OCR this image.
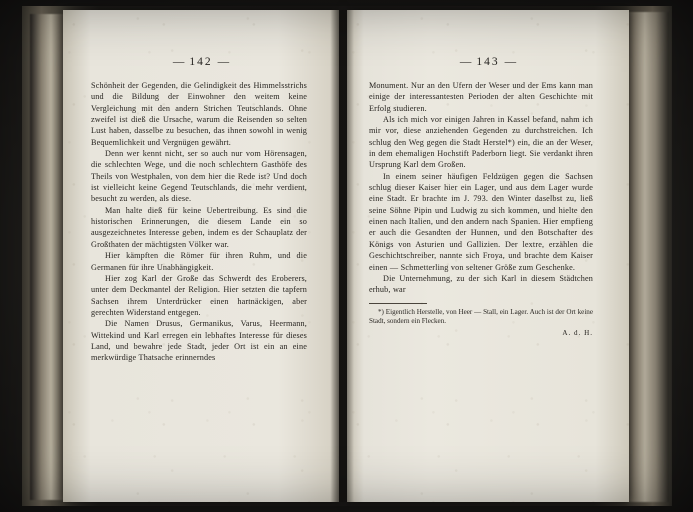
— 142 —

Schönheit der Gegenden, die Gelindigkeit des Himmelsstrichs und die Bildung der Einwohner den weitem keine Vergleichung mit den andern Strichen Teutschlands. Ohne zweifel ist dieß die Ursache, warum die Reisenden so selten Lust haben, dasselbe zu besuchen, das ihnen sowohl in wenig Bequemlichkeit und Vergnügen gewährt.

Denn wer kennt nicht, ser so auch nur vom Hörensagen, die schlechten Wege, und die noch schlechtern Gasthöfe des Theils von Westphalen, von dem hier die Rede ist? Und doch ist vielleicht keine Gegend Teutschlands, die mehr verdient, besucht zu werden, als diese.

Man halte dieß für keine Uebertreibung. Es sind die historischen Erinnerungen, die diesem Lande ein so ausgezeichnetes Interesse geben, indem es der Schauplatz der Großthaten der mächtigsten Völker war.

Hier kämpften die Römer für ihren Ruhm, und die Germanen für ihre Unabhängigkeit.

Hier zog Karl der Große das Schwerdt des Eroberers, unter dem Deckmantel der Religion. Hier setzten die tapfern Sachsen ihrem Unterdrücker einen hartnäckigen, aber gerechten Widerstand entgegen.

Die Namen Drusus, Germanikus, Varus, Heermann, Wittekind und Karl erregen ein lebhaftes Interesse für dieses Land, und bewahre jede Stadt, jeder Ort ist ein an eine merkwürdige Thatsache erinnerndes

— 143 —

Monument. Nur an den Ufern der Weser und der Ems kann man einige der interessantesten Perioden der alten Geschichte mit Erfolg studieren.

Als ich mich vor einigen Jahren in Kassel befand, nahm ich mir vor, diese anziehenden Gegenden zu durchstreichen. Ich schlug den Weg gegen die Stadt Herstel*) ein, die an der Weser, in dem ehemaligen Hochstift Paderborn liegt. Sie verdankt ihren Ursprung Karl dem Großen.

In einem seiner häufigen Feldzügen gegen die Sachsen schlug dieser Kaiser hier ein Lager, und aus dem Lager wurde eine Stadt. Er brachte im J. 793. den Winter daselbst zu, ließ seine Söhne Pipin und Ludwig zu sich kommen, und hielte den einen nach Italien, und den andern nach Spanien. Hier empfieng er auch die Gesandten der Hunnen, und den Botschafter des Königs von Asturien und Gallizien. Der lextre, erzählen die Geschichtschreiber, nannte sich Froya, und brachte dem Kaiser einen — Schmetterling von seltener Größe zum Geschenke.

Die Unternehmung, zu der sich Karl in diesem Städtchen erhub, war

*) Eigentlich Herstelle, von Heer — Stall, ein Lager. Auch ist der Ort keine Stadt, sondern ein Flecken.

A. d. H.
